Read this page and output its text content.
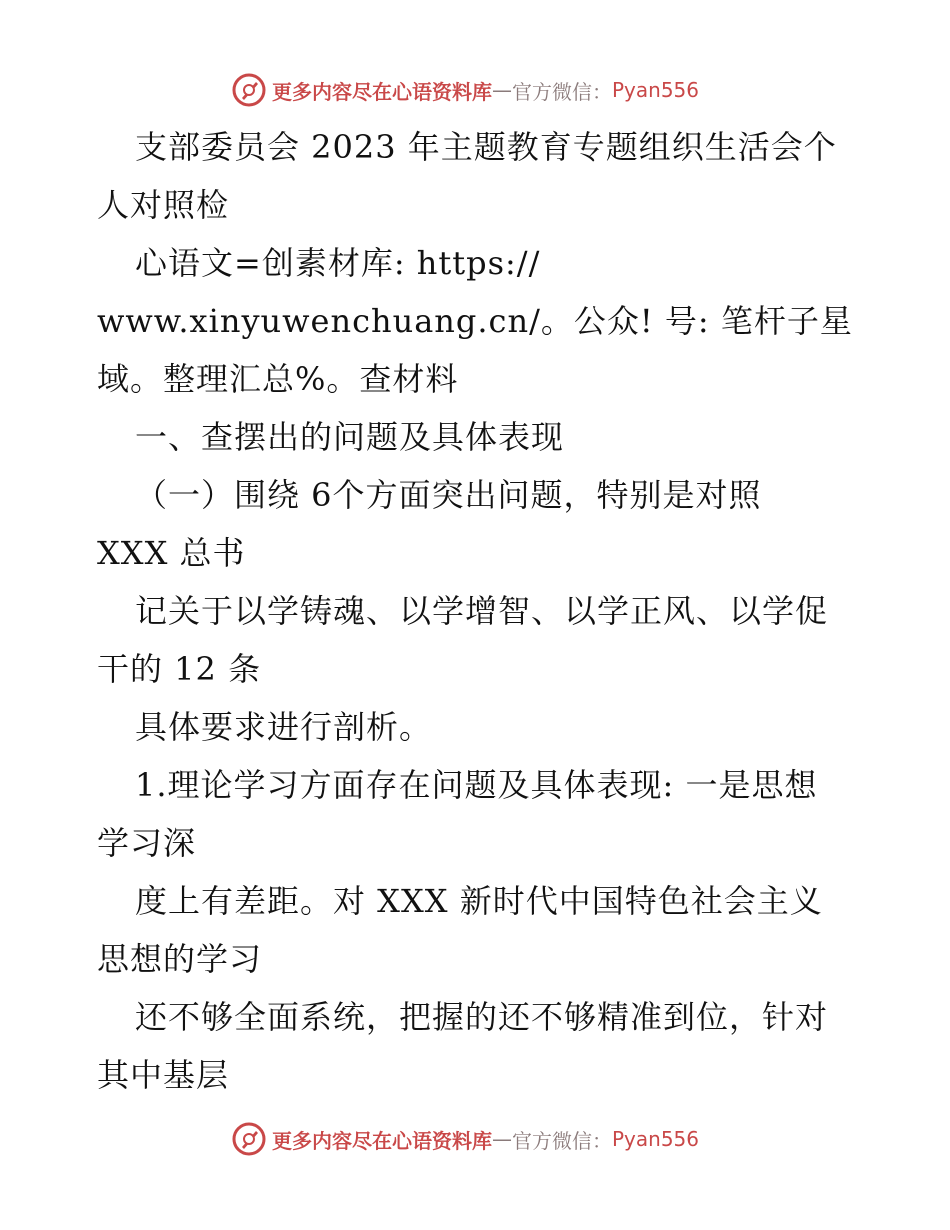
更多内容尽在心语资料库 — 官方微信： Pyan556
支部委员会 2023 年主题教育专题组织生活会个
人对照检
心语文=创素材库: https://
www.xinyuwenchuang.cn/。公众! 号: 笔杆子星
域。整理汇总%。查材料
一、查摆出的问题及具体表现
（一）围绕 6个方面突出问题，特别是对照
XXX 总书
记关于以学铸魂、以学增智、以学正风、以学促
干的 12 条
具体要求进行剖析。
1.理论学习方面存在问题及具体表现: 一是思想
学习深
度上有差距。对 XXX 新时代中国特色社会主义
思想的学习
还不够全面系统，把握的还不够精准到位，针对
其中基层
更多内容尽在心语资料库 — 官方微信： Pyan556
